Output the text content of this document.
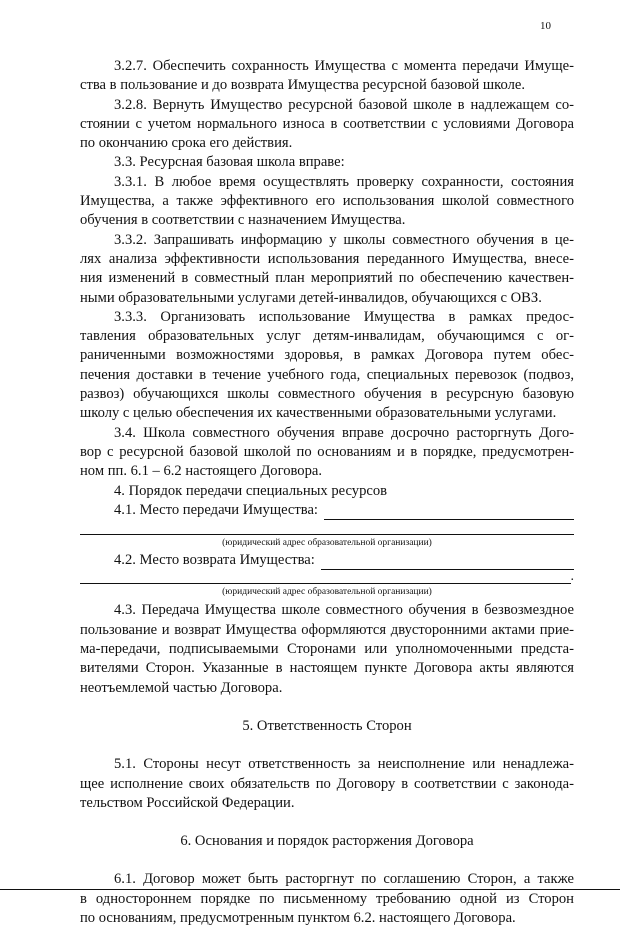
10
3.2.7. Обеспечить сохранность Имущества с момента передачи Имуще-
ства в пользование и до возврата Имущества ресурсной базовой школе.
3.2.8. Вернуть Имущество ресурсной базовой школе в надлежащем со-
стоянии с учетом нормального износа в соответствии с условиями Договора
по окончанию срока его действия.
3.3. Ресурсная базовая школа вправе:
3.3.1. В любое время осуществлять проверку сохранности, состояния
Имущества, а также эффективного его использования школой совместного
обучения в соответствии с назначением Имущества.
3.3.2. Запрашивать информацию у школы совместного обучения в це-
лях анализа эффективности использования переданного Имущества, внесе-
ния изменений в совместный план мероприятий по обеспечению качествен-
ными образовательными услугами детей-инвалидов, обучающихся с ОВЗ.
3.3.3. Организовать использование Имущества в рамках предос-
тавления образовательных услуг детям-инвалидам, обучающимся с ог-
раниченными возможностями здоровья, в рамках Договора путем обес-
печения доставки в течение учебного года, специальных перевозок (подвоз,
развоз) обучающихся школы совместного обучения в ресурсную базовую
школу с целью обеспечения их качественными образовательными услугами.
3.4. Школа совместного обучения вправе досрочно расторгнуть Дого-
вор с ресурсной базовой школой по основаниям и в порядке, предусмотрен-
ном пп. 6.1 – 6.2 настоящего Договора.
4. Порядок передачи специальных ресурсов
4.1. Место передачи Имущества:
(юридический адрес образовательной организации)
4.2. Место возврата Имущества:
.
(юридический адрес образовательной организации)
4.3. Передача Имущества школе совместного обучения в безвозмездное
пользование и возврат Имущества оформляются двусторонними актами прие-
ма-передачи, подписываемыми Сторонами или уполномоченными предста-
вителями Сторон. Указанные в настоящем пункте Договора акты являются
неотъемлемой частью Договора.
5. Ответственность Сторон
5.1. Стороны несут ответственность за неисполнение или ненадлежа-
щее исполнение своих обязательств по Договору в соответствии с законода-
тельством Российской Федерации.
6. Основания и порядок расторжения Договора
6.1. Договор может быть расторгнут по соглашению Сторон, а также
в одностороннем порядке по письменному требованию одной из Сторон
по основаниям, предусмотренным пунктом 6.2. настоящего Договора.
